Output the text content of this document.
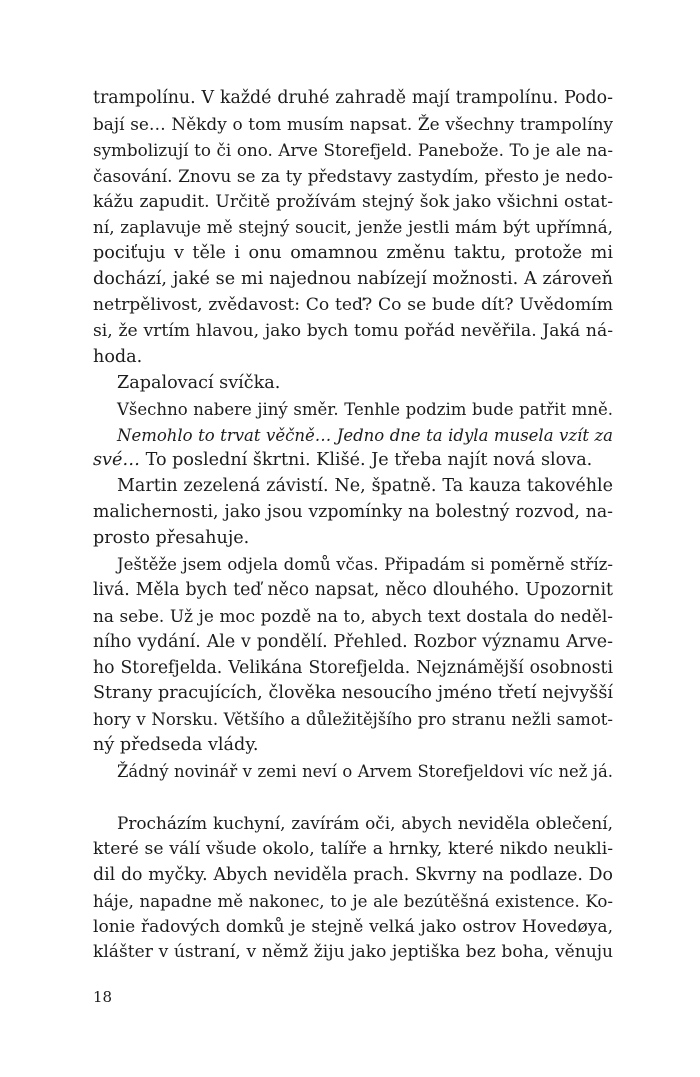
trampolínu. V každé druhé zahradě mají trampolínu. Podo-
bají se… Někdy o tom musím napsat. Že všechny trampolíny
symbolizují to či ono. Arve Storefjeld. Panebože. To je ale na-
časování. Znovu se za ty představy zastydím, přesto je nedo-
kážu zapudit. Určitě prožívám stejný šok jako všichni ostat-
ní, zaplavuje mě stejný soucit, jenže jestli mám být upřímná,
pociťuju v těle i onu omamnou změnu taktu, protože mi
dochází, jaké se mi najednou nabízejí možnosti. A zároveň
netrpělivost, zvědavost: Co teď? Co se bude dít? Uvědomím
si, že vrtím hlavou, jako bych tomu pořád nevěřila. Jaká ná-
hoda.
Zapalovací svíčka.
Všechno nabere jiný směr. Tenhle podzim bude patřit mně.
Nemohlo to trvat věčně… Jedno dne ta idyla musela vzít za
své… To poslední škrtni. Klišé. Je třeba najít nová slova.
Martin zezelená závistí. Ne, špatně. Ta kauza takovéhle
malichernosti, jako jsou vzpomínky na bolestný rozvod, na-
prosto přesahuje.
Ještěže jsem odjela domů včas. Připadám si poměrně stříz-
livá. Měla bych teď něco napsat, něco dlouhého. Upozornit
na sebe. Už je moc pozdě na to, abych text dostala do neděl-
ního vydání. Ale v pondělí. Přehled. Rozbor významu Arve-
ho Storefjelda. Velikána Storefjelda. Nejznámější osobnosti
Strany pracujících, člověka nesoucího jméno třetí nejvyšší
hory v Norsku. Většího a důležitějšího pro stranu nežli samot-
ný předseda vlády.
Žádný novinář v zemi neví o Arvem Storefjeldovi víc než já.
Procházím kuchyní, zavírám oči, abych neviděla oblečení,
které se válí všude okolo, talíře a hrnky, které nikdo neukli-
dil do myčky. Abych neviděla prach. Skvrny na podlaze. Do
háje, napadne mě nakonec, to je ale bezútěšná existence. Ko-
lonie řadových domků je stejně velká jako ostrov Hovedøya,
klášter v ústraní, v němž žiju jako jeptiška bez boha, věnuju
18
